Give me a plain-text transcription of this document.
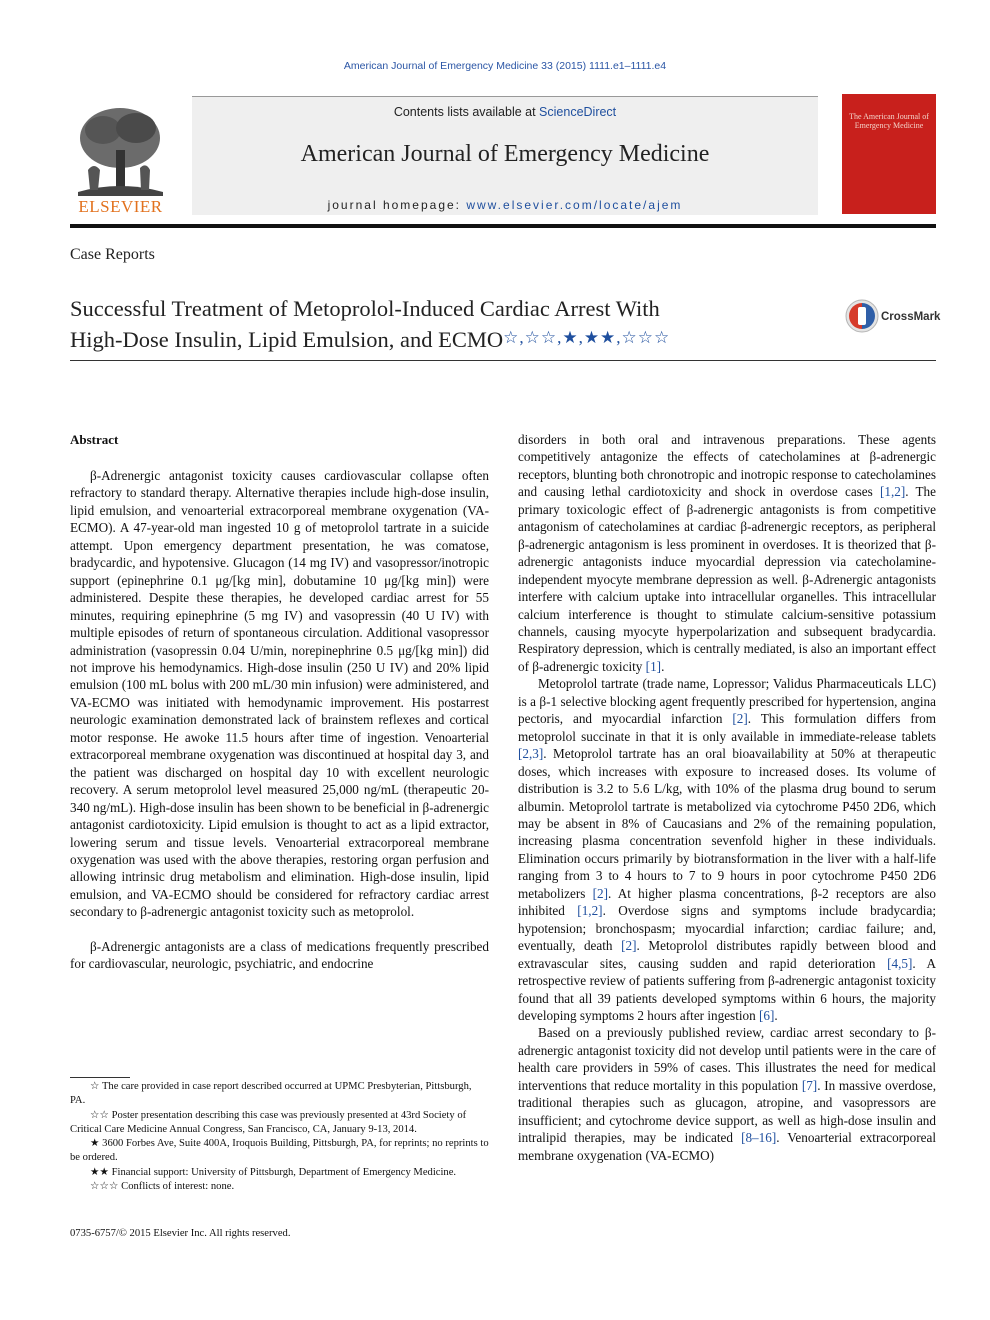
American Journal of Emergency Medicine 33 (2015) 1111.e1–1111.e4
ELSEVIER
Contents lists available at ScienceDirect
American Journal of Emergency Medicine
journal homepage: www.elsevier.com/locate/ajem
The American Journal of Emergency Medicine
Case Reports
Successful Treatment of Metoprolol-Induced Cardiac Arrest With
High-Dose Insulin, Lipid Emulsion, and ECMO☆,☆☆,★,★★,☆☆☆
CrossMark
Abstract

β-Adrenergic antagonist toxicity causes cardiovascular collapse often refractory to standard therapy. Alternative therapies include high-dose insulin, lipid emulsion, and venoarterial extracorporeal membrane oxygenation (VA-ECMO). A 47-year-old man ingested 10 g of metoprolol tartrate in a suicide attempt. Upon emergency department presentation, he was comatose, bradycardic, and hypotensive. Glucagon (14 mg IV) and vasopressor/inotropic support (epinephrine 0.1 μg/[kg min], dobutamine 10 μg/[kg min]) were administered. Despite these therapies, he developed cardiac arrest for 55 minutes, requiring epinephrine (5 mg IV) and vasopressin (40 U IV) with multiple episodes of return of spontaneous circulation. Additional vasopressor administration (vasopressin 0.04 U/min, norepinephrine 0.5 μg/[kg min]) did not improve his hemodynamics. High-dose insulin (250 U IV) and 20% lipid emulsion (100 mL bolus with 200 mL/30 min infusion) were administered, and VA-ECMO was initiated with hemodynamic improvement. His postarrest neurologic examination demonstrated lack of brainstem reflexes and cortical motor response. He awoke 11.5 hours after time of ingestion. Venoarterial extracorporeal membrane oxygenation was discontinued at hospital day 3, and the patient was discharged on hospital day 10 with excellent neurologic recovery. A serum metoprolol level measured 25,000 ng/mL (therapeutic 20-340 ng/mL). High-dose insulin has been shown to be beneficial in β-adrenergic antagonist cardiotoxicity. Lipid emulsion is thought to act as a lipid extractor, lowering serum and tissue levels. Venoarterial extracorporeal membrane oxygenation was used with the above therapies, restoring organ perfusion and allowing intrinsic drug metabolism and elimination. High-dose insulin, lipid emulsion, and VA-ECMO should be considered for refractory cardiac arrest secondary to β-adrenergic antagonist toxicity such as metoprolol.

β-Adrenergic antagonists are a class of medications frequently prescribed for cardiovascular, neurologic, psychiatric, and endocrine

disorders in both oral and intravenous preparations. These agents competitively antagonize the effects of catecholamines at β-adrenergic receptors, blunting both chronotropic and inotropic response to catecholamines and causing lethal cardiotoxicity and shock in overdose cases [1,2]. The primary toxicologic effect of β-adrenergic antagonists is from competitive antagonism of catecholamines at cardiac β-adrenergic receptors, as peripheral β-adrenergic antagonism is less prominent in overdoses. It is theorized that β-adrenergic antagonists induce myocardial depression via catecholamine-independent myocyte membrane depression as well. β-Adrenergic antagonists interfere with calcium uptake into intracellular organelles. This intracellular calcium interference is thought to stimulate calcium-sensitive potassium channels, causing myocyte hyperpolarization and subsequent bradycardia. Respiratory depression, which is centrally mediated, is also an important effect of β-adrenergic toxicity [1].

Metoprolol tartrate (trade name, Lopressor; Validus Pharmaceuticals LLC) is a β-1 selective blocking agent frequently prescribed for hypertension, angina pectoris, and myocardial infarction [2]. This formulation differs from metoprolol succinate in that it is only available in immediate-release tablets [2,3]. Metoprolol tartrate has an oral bioavailability at 50% at therapeutic doses, which increases with exposure to increased doses. Its volume of distribution is 3.2 to 5.6 L/kg, with 10% of the plasma drug bound to serum albumin. Metoprolol tartrate is metabolized via cytochrome P450 2D6, which may be absent in 8% of Caucasians and 2% of the remaining population, increasing plasma concentration sevenfold higher in these individuals. Elimination occurs primarily by biotransformation in the liver with a half-life ranging from 3 to 4 hours to 7 to 9 hours in poor cytochrome P450 2D6 metabolizers [2]. At higher plasma concentrations, β-2 receptors are also inhibited [1,2]. Overdose signs and symptoms include bradycardia; hypotension; bronchospasm; myocardial infarction; cardiac failure; and, eventually, death [2]. Metoprolol distributes rapidly between blood and extravascular sites, causing sudden and rapid deterioration [4,5]. A retrospective review of patients suffering from β-adrenergic antagonist toxicity found that all 39 patients developed symptoms within 6 hours, the majority developing symptoms 2 hours after ingestion [6].

Based on a previously published review, cardiac arrest secondary to β-adrenergic antagonist toxicity did not develop until patients were in the care of health care providers in 59% of cases. This illustrates the need for medical interventions that reduce mortality in this population [7]. In massive overdose, traditional therapies such as glucagon, atropine, and vasopressors are insufficient; and cytochrome device support, as well as high-dose insulin and intralipid therapies, may be indicated [8–16]. Venoarterial extracorporeal membrane oxygenation (VA-ECMO)

☆ The care provided in case report described occurred at UPMC Presbyterian, Pittsburgh, PA.
☆☆ Poster presentation describing this case was previously presented at 43rd Society of Critical Care Medicine Annual Congress, San Francisco, CA, January 9-13, 2014.
★ 3600 Forbes Ave, Suite 400A, Iroquois Building, Pittsburgh, PA, for reprints; no reprints to be ordered.
★★ Financial support: University of Pittsburgh, Department of Emergency Medicine.
☆☆☆ Conflicts of interest: none.
0735-6757/© 2015 Elsevier Inc. All rights reserved.
